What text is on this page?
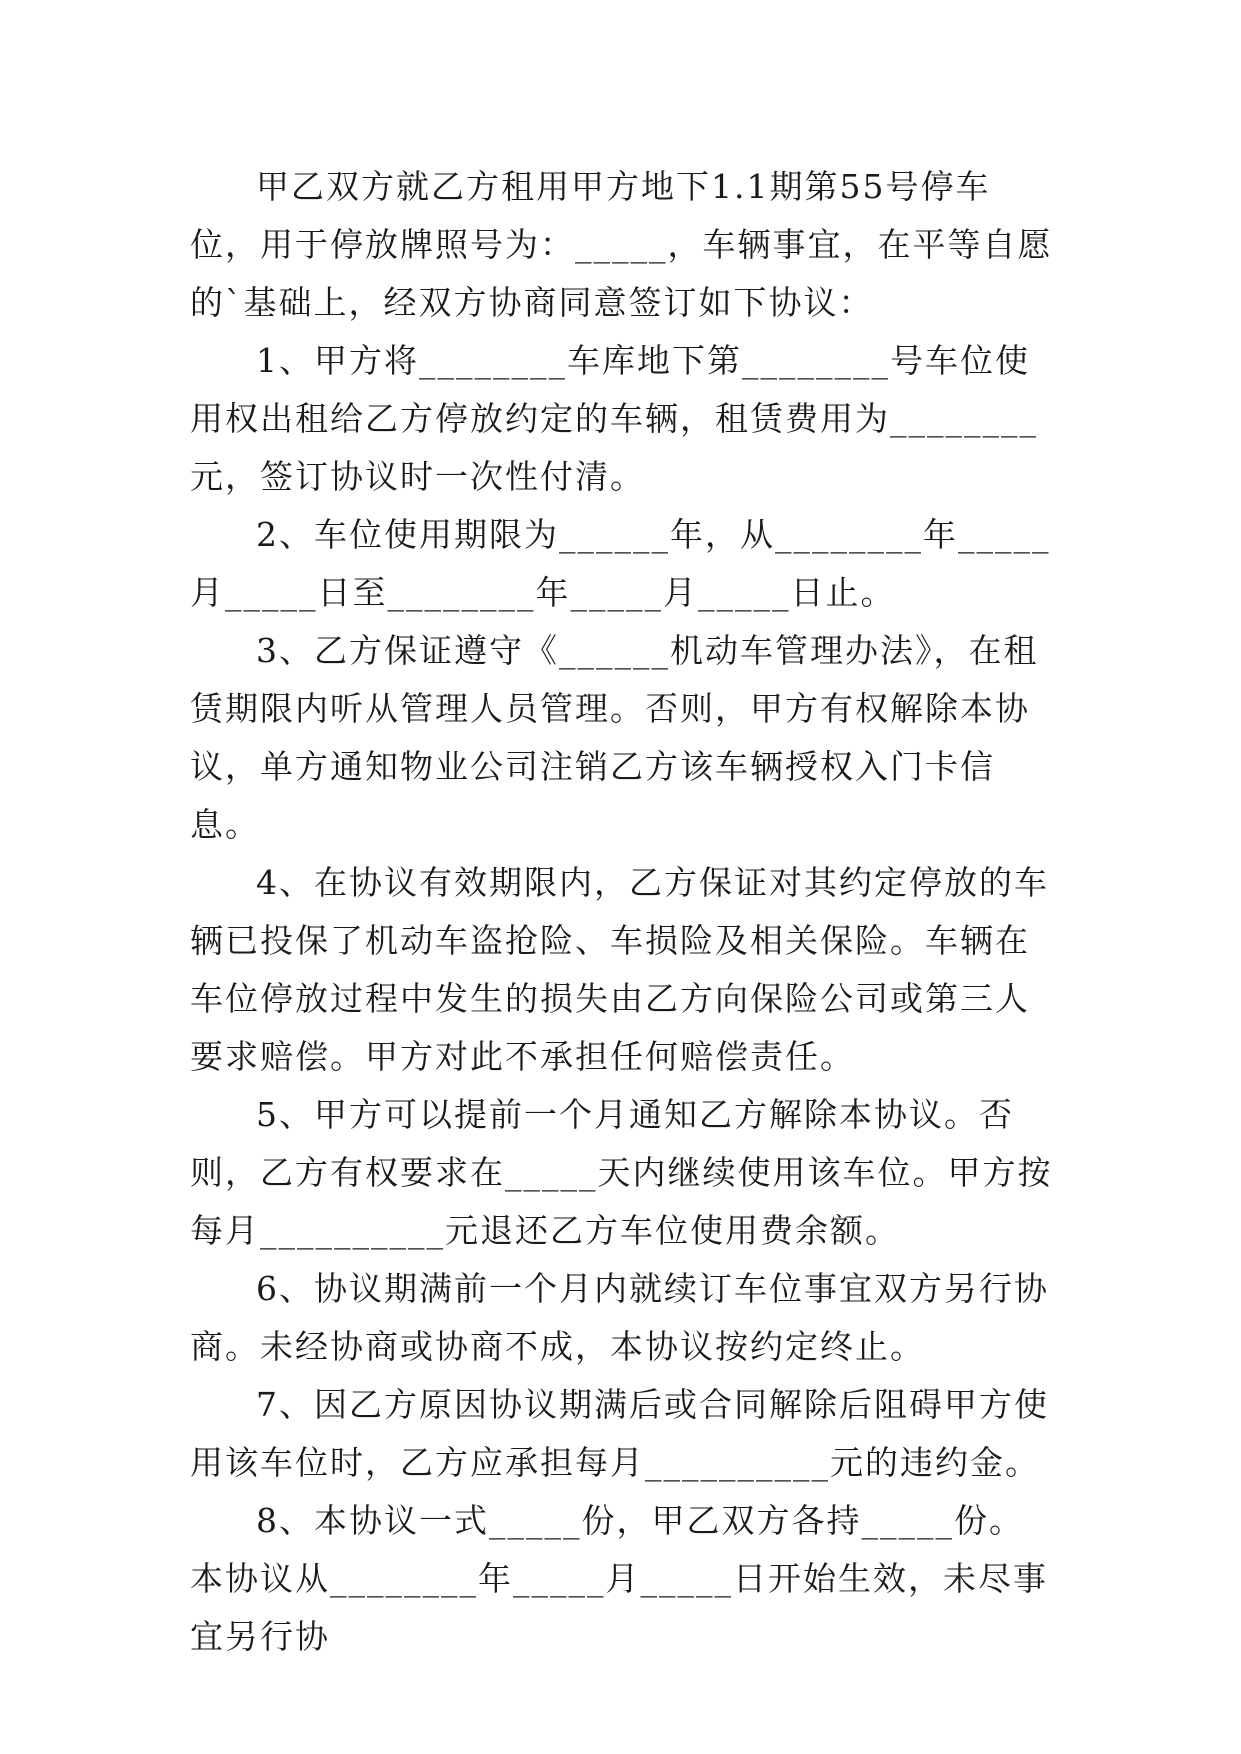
甲乙双方就乙方租用甲方地下1.1期第55号停车位，用于停放牌照号为：_____，车辆事宜，在平等自愿的`基础上，经双方协商同意签订如下协议：

1、甲方将________车库地下第________号车位使用权出租给乙方停放约定的车辆，租赁费用为________元，签订协议时一次性付清。

2、车位使用期限为______年，从________年_____月_____日至________年_____月_____日止。

3、乙方保证遵守《______机动车管理办法》，在租赁期限内听从管理人员管理。否则，甲方有权解除本协议，单方通知物业公司注销乙方该车辆授权入门卡信息。

4、在协议有效期限内，乙方保证对其约定停放的车辆已投保了机动车盗抢险、车损险及相关保险。车辆在车位停放过程中发生的损失由乙方向保险公司或第三人要求赔偿。甲方对此不承担任何赔偿责任。

5、甲方可以提前一个月通知乙方解除本协议。否则，乙方有权要求在_____天内继续使用该车位。甲方按每月__________元退还乙方车位使用费余额。

6、协议期满前一个月内就续订车位事宜双方另行协商。未经协商或协商不成，本协议按约定终止。

7、因乙方原因协议期满后或合同解除后阻碍甲方使用该车位时，乙方应承担每月__________元的违约金。

8、本协议一式_____份，甲乙双方各持_____份。本协议从________年_____月_____日开始生效，未尽事宜另行协
